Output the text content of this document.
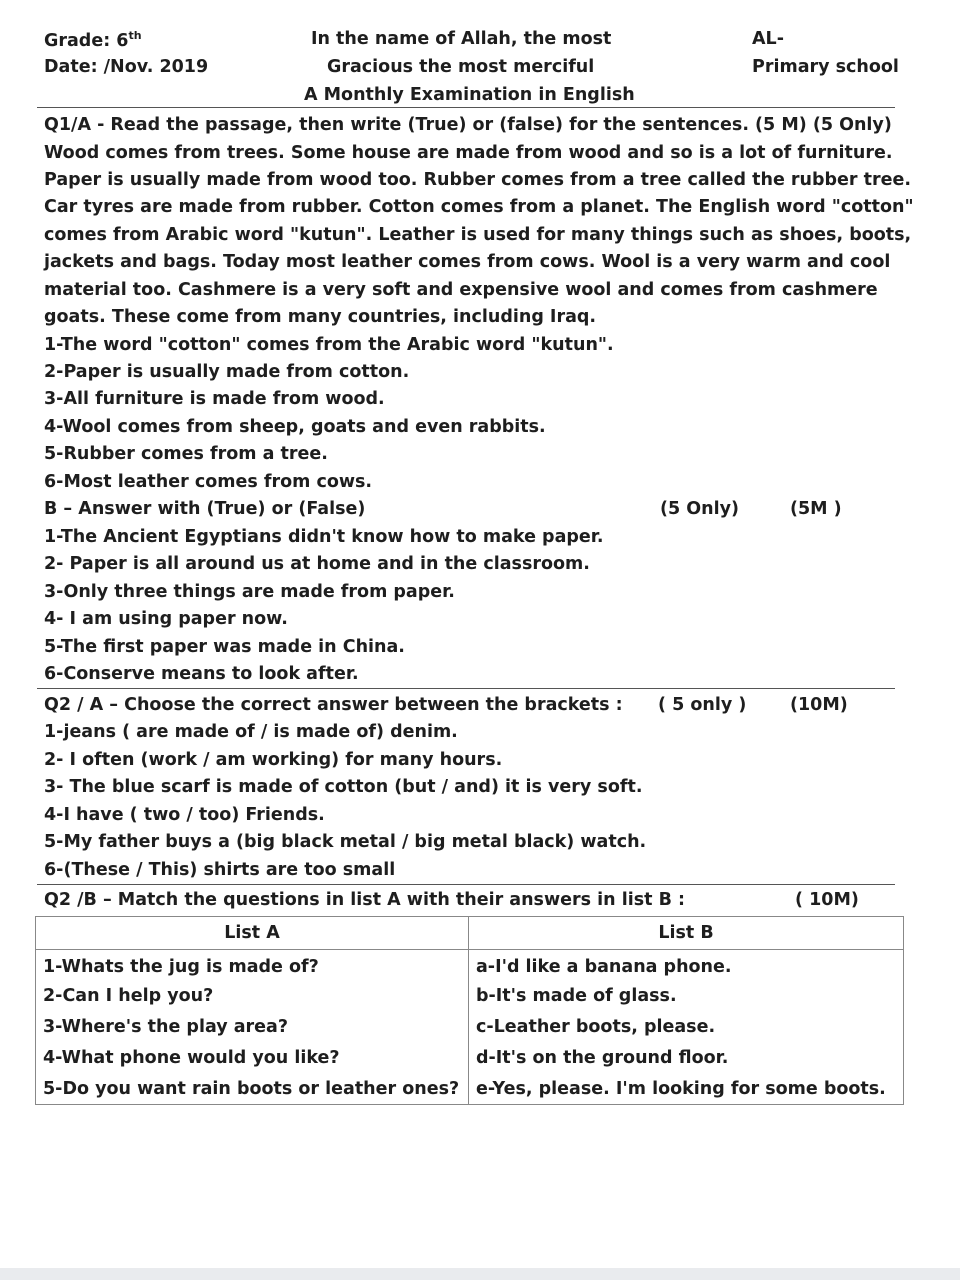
Grade: 6th
Date: /Nov. 2019
In the name of Allah, the most
Gracious the most merciful
A Monthly Examination in English
AL-
Primary school
Q1/A - Read the passage, then write (True) or (false) for the sentences. (5 M) (5 Only)
Wood comes from trees. Some house are made from wood and so is a lot of furniture.
Paper is usually made from wood too. Rubber comes from a tree called the rubber tree.
Car tyres are made from rubber. Cotton comes from a planet. The English word "cotton"
comes from Arabic word "kutun". Leather is used for many things such as shoes, boots,
jackets and bags. Today most leather comes from cows. Wool is a very warm and cool
material too. Cashmere is a very soft and expensive wool and comes from cashmere
goats. These come from many countries, including Iraq.
1-The word "cotton" comes from the Arabic word "kutun".
2-Paper is usually made from cotton.
3-All furniture is made from wood.
4-Wool comes from sheep, goats and even rabbits.
5-Rubber comes from a tree.
6-Most leather comes from cows.
B – Answer with (True) or (False)	(5 Only)	(5M )
1-The Ancient Egyptians didn't know how to make paper.
2- Paper is all around us at home and in the classroom.
3-Only three things are made from paper.
4- I am using paper now.
5-The first paper was made in China.
6-Conserve means to look after.
Q2 / A – Choose the correct answer between the brackets : ( 5 only ) (10M)
1-jeans ( are made of / is made of) denim.
2- I often (work / am working) for many hours.
3- The blue scarf is made of cotton (but / and) it is very soft.
4-I have ( two / too) Friends.
5-My father buys a (big black metal / big metal black) watch.
6-(These / This) shirts are too small
Q2 /B – Match the questions in list A with their answers in list B :	( 10M)
List A	List B
1-Whats the jug is made of?	a-I'd like a banana phone.
2-Can I help you?	b-It's made of glass.
3-Where's the play area?	c-Leather boots, please.
4-What phone would you like?	d-It's on the ground floor.
5-Do you want rain boots or leather ones?	e-Yes, please. I'm looking for some boots.
